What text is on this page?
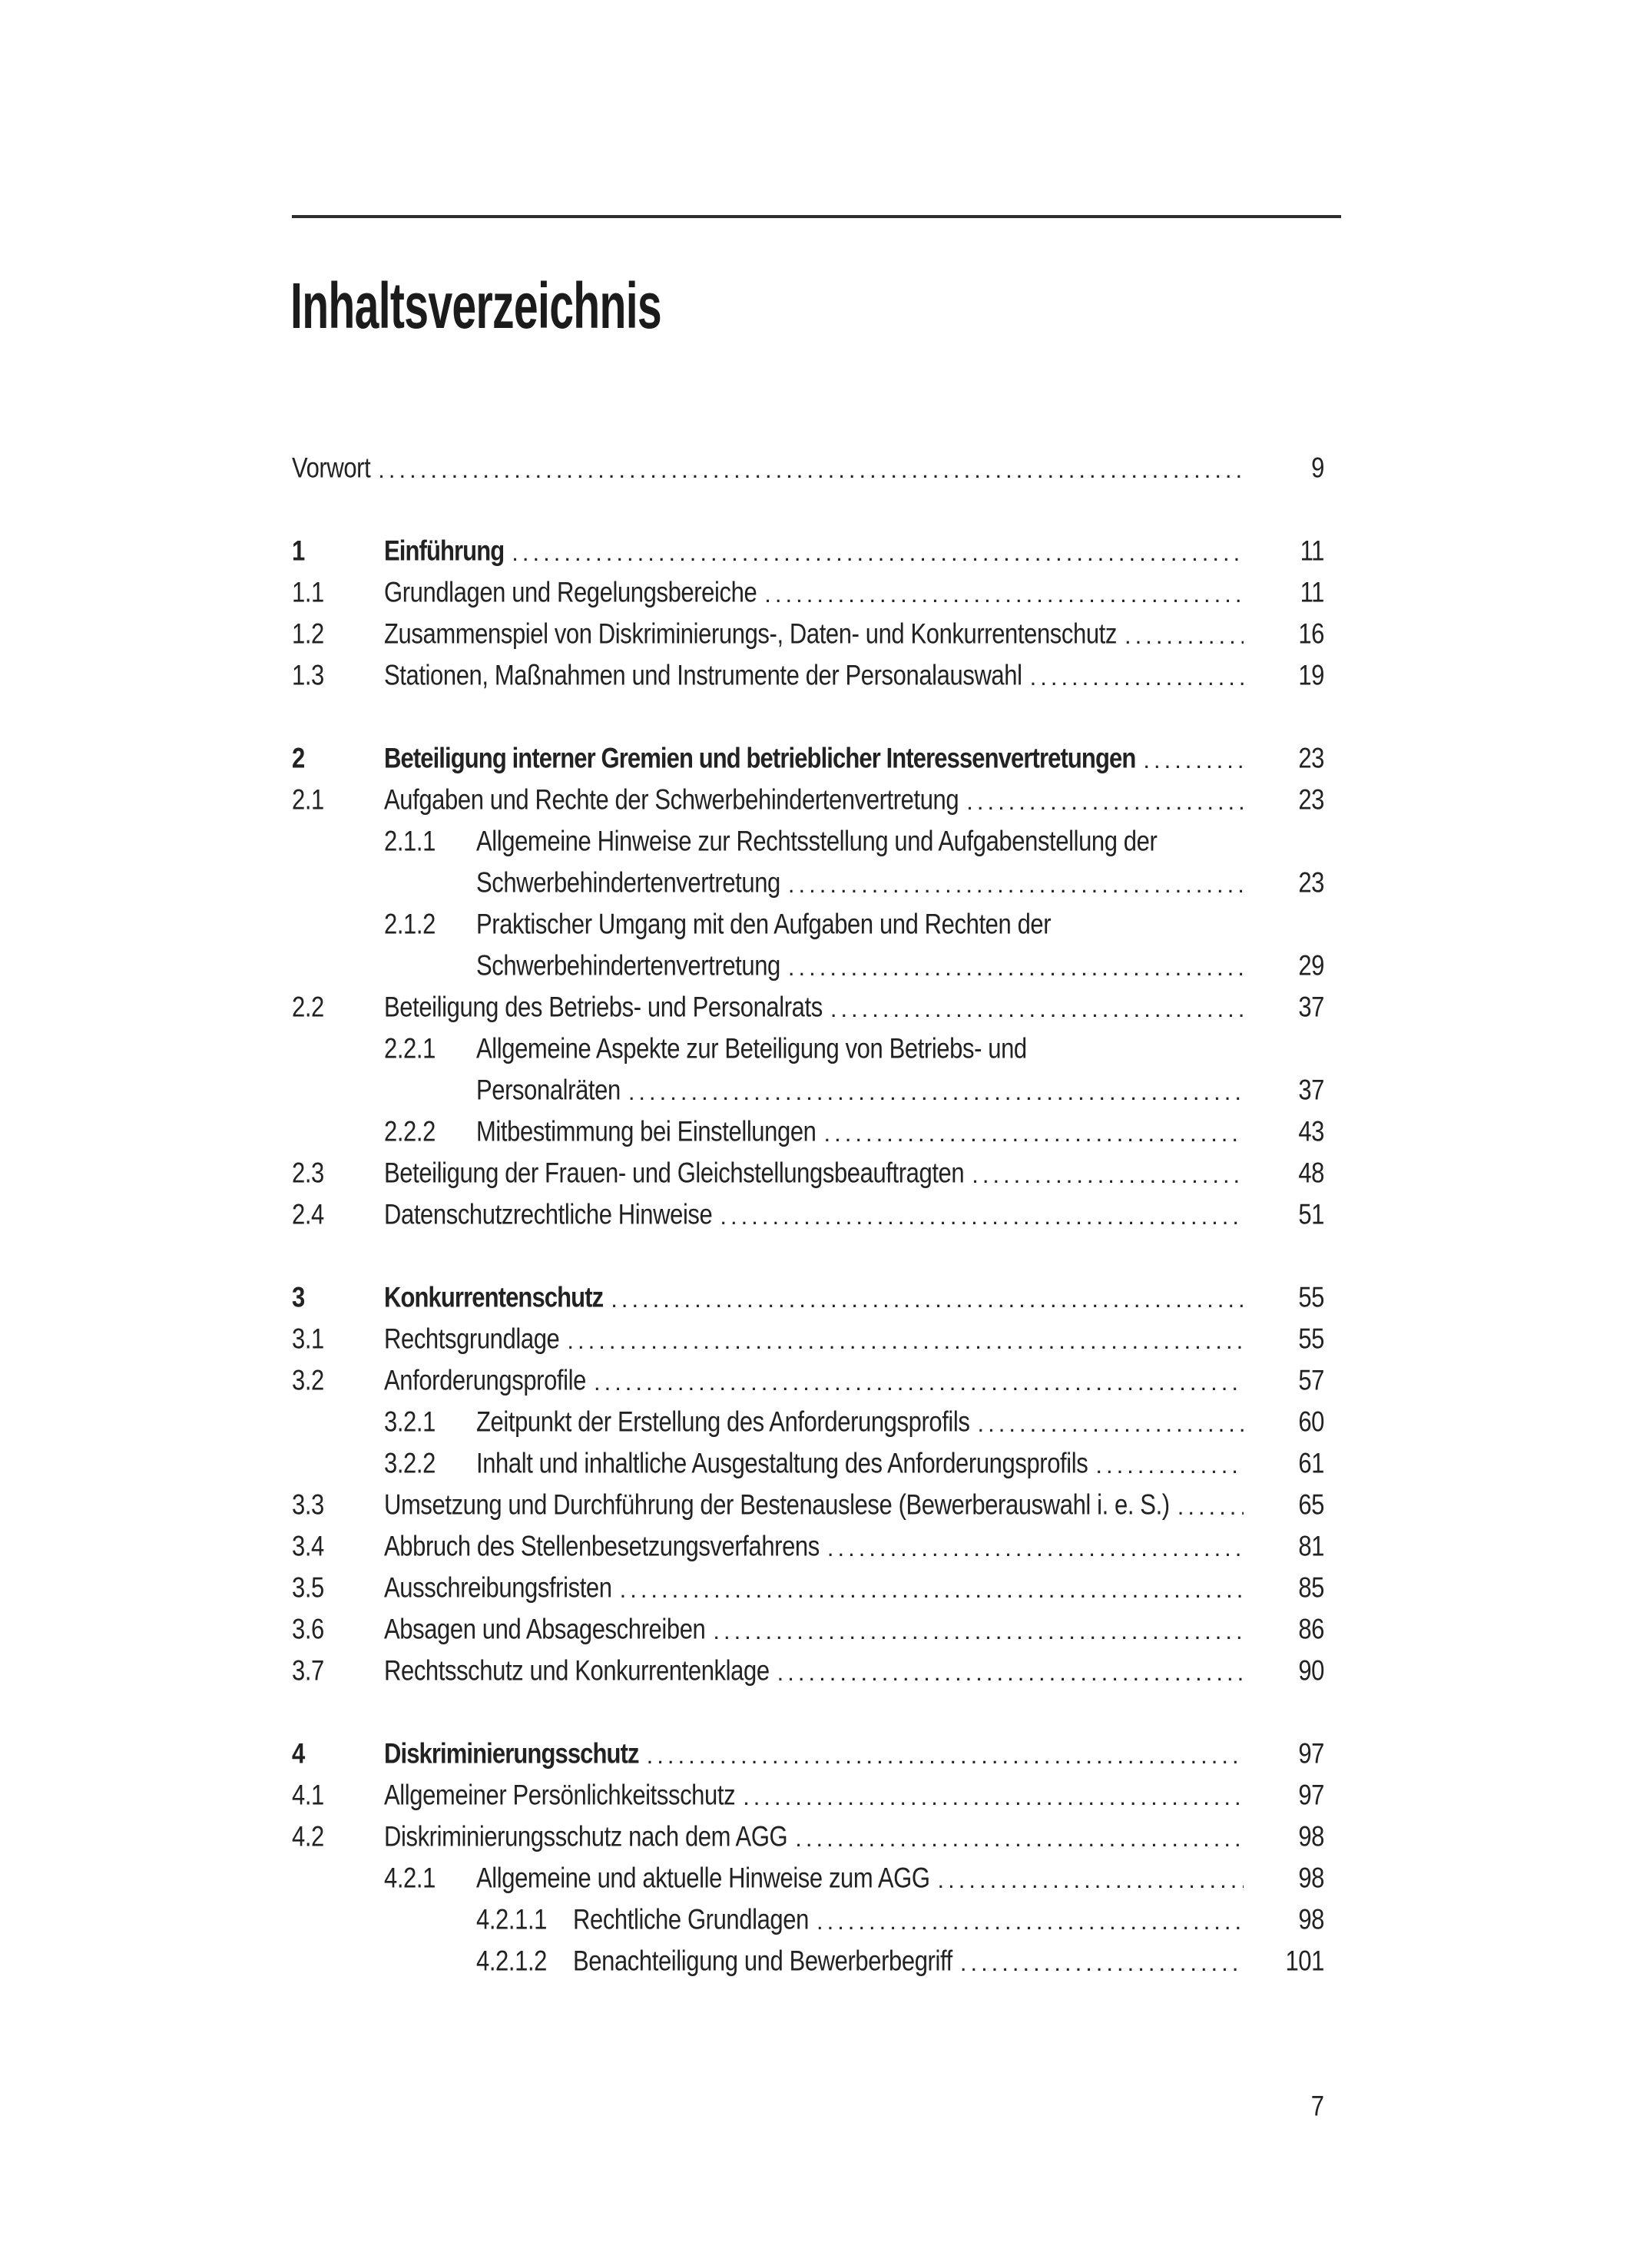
Inhaltsverzeichnis
Vorwort .....	9
1	Einführung .....	11
1.1	Grundlagen und Regelungsbereiche .....	11
1.2	Zusammenspiel von Diskriminierungs-, Daten- und Konkurrentenschutz .....	16
1.3	Stationen, Maßnahmen und Instrumente der Personalauswahl .....	19
2	Beteiligung interner Gremien und betrieblicher Interessenvertretungen .....	23
2.1	Aufgaben und Rechte der Schwerbehindertenvertretung .....	23
2.1.1	Allgemeine Hinweise zur Rechtsstellung und Aufgabenstellung der
Schwerbehindertenvertretung .....	23
2.1.2	Praktischer Umgang mit den Aufgaben und Rechten der
Schwerbehindertenvertretung .....	29
2.2	Beteiligung des Betriebs- und Personalrats .....	37
2.2.1	Allgemeine Aspekte zur Beteiligung von Betriebs- und
Personalräten .....	37
2.2.2	Mitbestimmung bei Einstellungen .....	43
2.3	Beteiligung der Frauen- und Gleichstellungsbeauftragten .....	48
2.4	Datenschutzrechtliche Hinweise .....	51
3	Konkurrentenschutz .....	55
3.1	Rechtsgrundlage .....	55
3.2	Anforderungsprofile .....	57
3.2.1	Zeitpunkt der Erstellung des Anforderungsprofils .....	60
3.2.2	Inhalt und inhaltliche Ausgestaltung des Anforderungsprofils .....	61
3.3	Umsetzung und Durchführung der Bestenauslese (Bewerberauswahl i. e. S.) .....	65
3.4	Abbruch des Stellenbesetzungsverfahrens .....	81
3.5	Ausschreibungsfristen .....	85
3.6	Absagen und Absageschreiben .....	86
3.7	Rechtsschutz und Konkurrentenklage .....	90
4	Diskriminierungsschutz .....	97
4.1	Allgemeiner Persönlichkeitsschutz .....	97
4.2	Diskriminierungsschutz nach dem AGG .....	98
4.2.1	Allgemeine und aktuelle Hinweise zum AGG .....	98
4.2.1.1	Rechtliche Grundlagen .....	98
4.2.1.2	Benachteiligung und Bewerberbegriff .....	101
7
